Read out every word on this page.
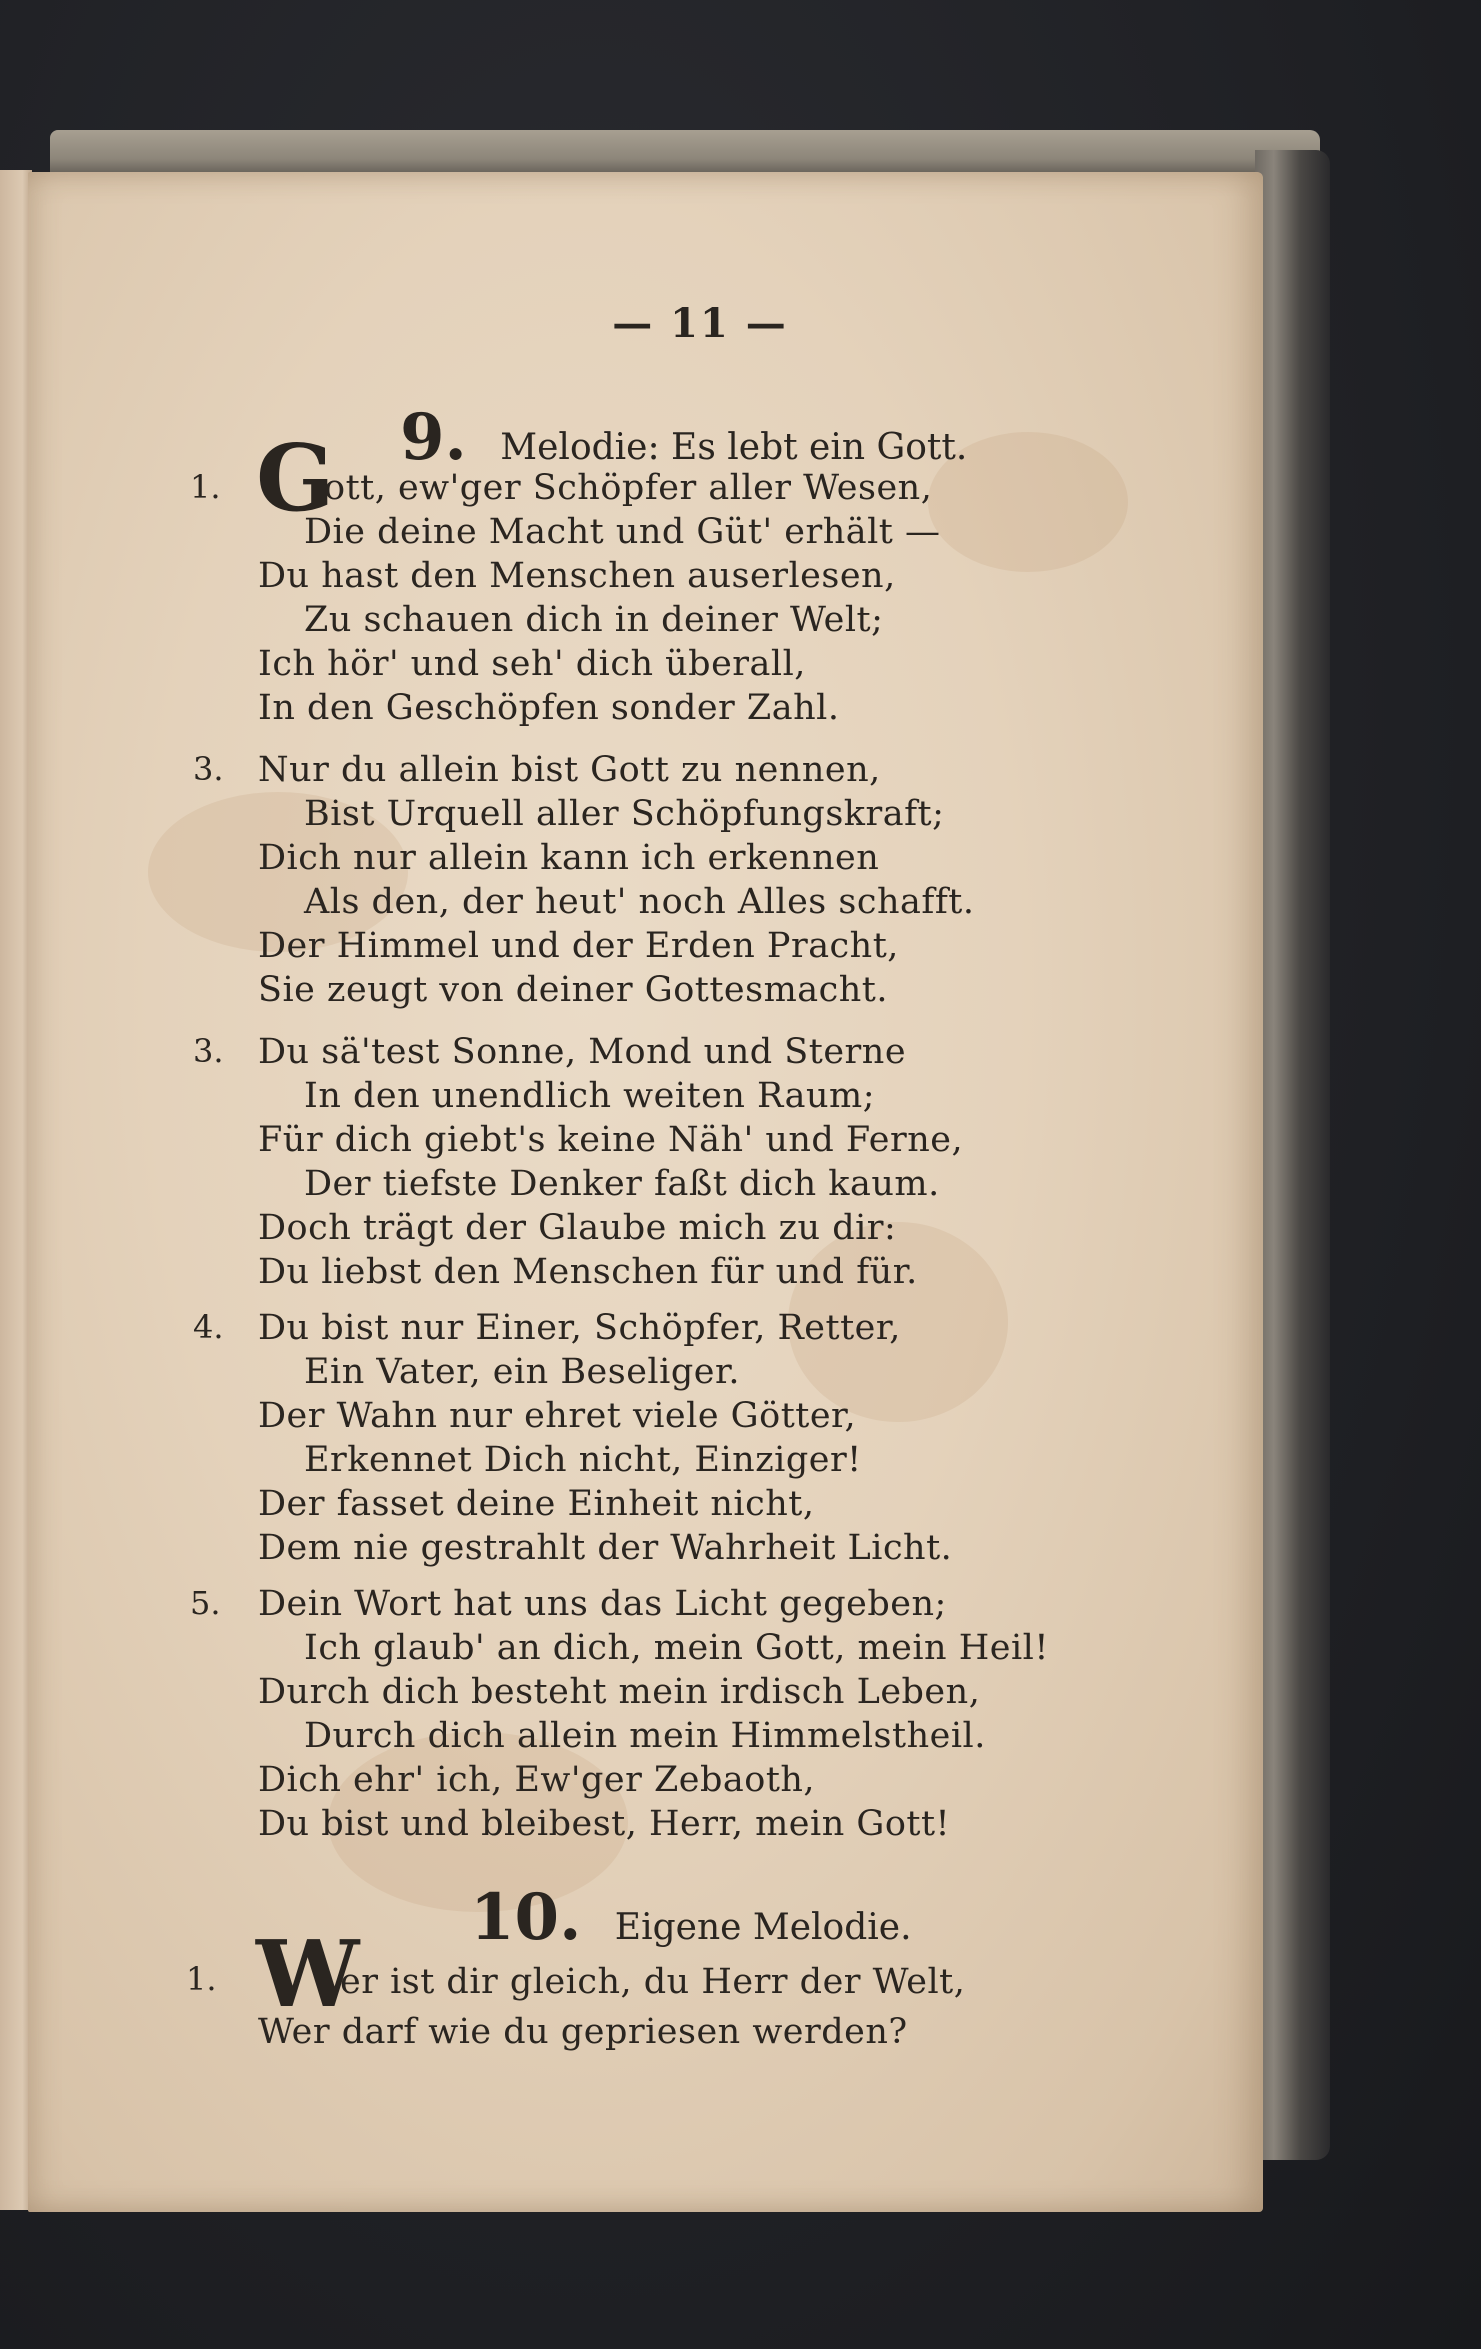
— 11 —
9. Melodie: Es lebt ein Gott.
1. G
ott, ew'ger Schöpfer aller Wesen,
Die deine Macht und Güt' erhält —
Du hast den Menschen auserlesen,
Zu schauen dich in deiner Welt;
Ich hör' und seh' dich überall,
In den Geschöpfen sonder Zahl.
3. Nur du allein bist Gott zu nennen,
Bist Urquell aller Schöpfungskraft;
Dich nur allein kann ich erkennen
Als den, der heut' noch Alles schafft.
Der Himmel und der Erden Pracht,
Sie zeugt von deiner Gottesmacht.
3. Du sä'test Sonne, Mond und Sterne
In den unendlich weiten Raum;
Für dich giebt's keine Näh' und Ferne,
Der tiefste Denker faßt dich kaum.
Doch trägt der Glaube mich zu dir:
Du liebst den Menschen für und für.
4. Du bist nur Einer, Schöpfer, Retter,
Ein Vater, ein Beseliger.
Der Wahn nur ehret viele Götter,
Erkennet Dich nicht, Einziger!
Der fasset deine Einheit nicht,
Dem nie gestrahlt der Wahrheit Licht.
5. Dein Wort hat uns das Licht gegeben;
Ich glaub' an dich, mein Gott, mein Heil!
Durch dich besteht mein irdisch Leben,
Durch dich allein mein Himmelstheil.
Dich ehr' ich, Ew'ger Zebaoth,
Du bist und bleibest, Herr, mein Gott!
10. Eigene Melodie.
1. W
er ist dir gleich, du Herr der Welt,
Wer darf wie du gepriesen werden?
